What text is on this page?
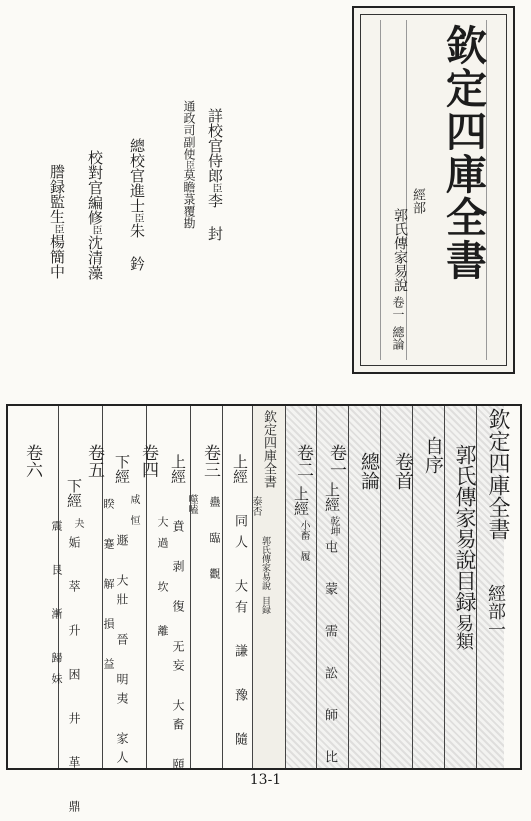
欽定四庫全書
經部
郭氏傳家易說
卷一
總論
詳校官侍郎臣李 封
通政司副使臣莫瞻菉覆勘
總校官進士臣朱 鈐
校對官編修臣沈清藻
謄録監生臣楊簡中
欽定四庫全書
郭氏傳家易說
目録
欽定四庫全書
經部一
郭氏傳家易說目録
易類
自序
卷首
總論
卷一
上經
乾坤
屯 蒙 需 訟 師 比
卷二
上經
小畜 履
上經
泰否
同人 大有 謙 豫 隨
蠱 臨 觀
卷三
上經
噬嗑
賁 剥 復 无妄 大畜 頤
大過 坎 離
卷四
下經
咸 恒
遯 大壯 晉 明夷 家人
睽 蹇 解 損 益
卷五
下經
夬
姤 萃 升 困 井 革 鼎
震 艮 漸 歸妹
卷六
13-1
